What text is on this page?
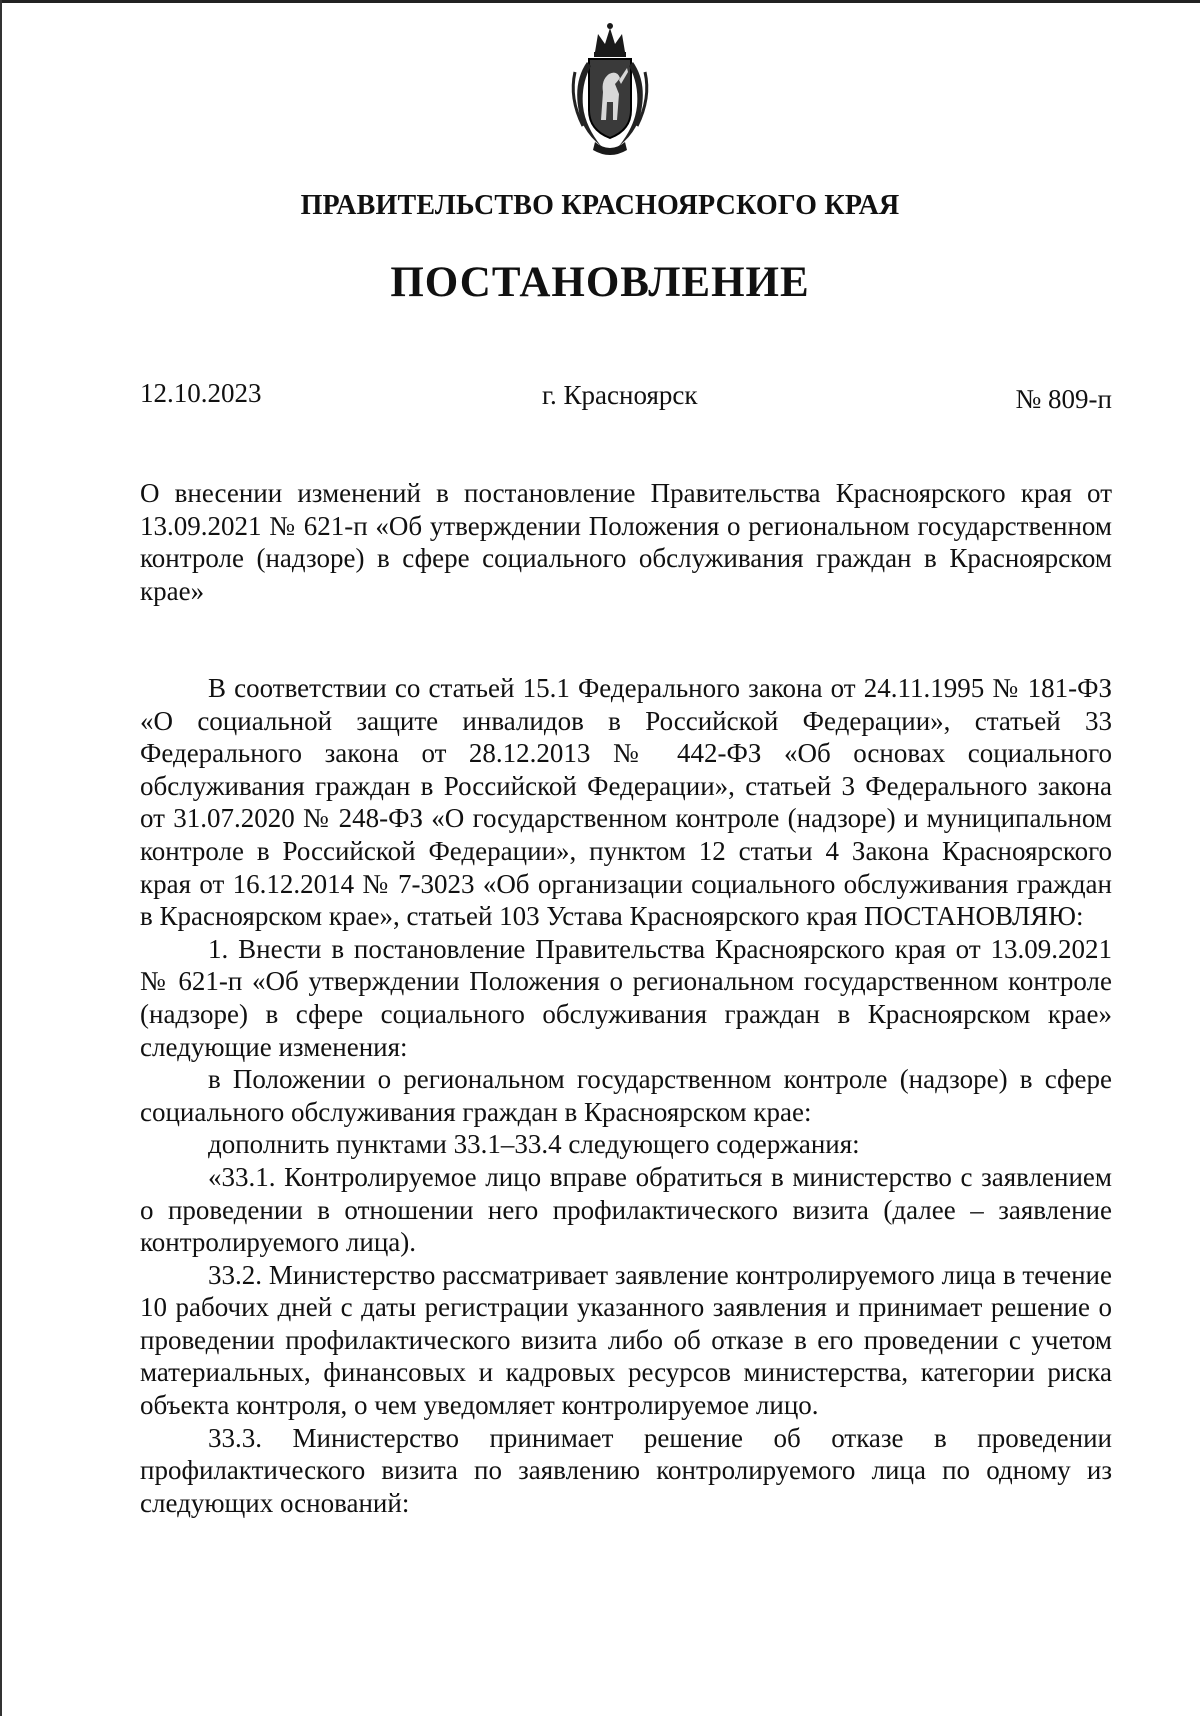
ПРАВИТЕЛЬСТВО КРАСНОЯРСКОГО КРАЯ
ПОСТАНОВЛЕНИЕ
12.10.2023	г. Красноярск	№ 809-п
О внесении изменений в постановление Правительства Красноярского края от 13.09.2021 № 621-п «Об утверждении Положения о региональном государственном контроле (надзоре) в сфере социального обслуживания граждан в Красноярском крае»

В соответствии со статьей 15.1 Федерального закона от 24.11.1995 № 181-ФЗ «О социальной защите инвалидов в Российской Федерации», статьей 33 Федерального закона от 28.12.2013 № 442-ФЗ «Об основах социального обслуживания граждан в Российской Федерации», статьей 3 Федерального закона от 31.07.2020 № 248-ФЗ «О государственном контроле (надзоре) и муниципальном контроле в Российской Федерации», пунктом 12 статьи 4 Закона Красноярского края от 16.12.2014 № 7-3023 «Об организации социального обслуживания граждан в Красноярском крае», статьей 103 Устава Красноярского края ПОСТАНОВЛЯЮ:

1. Внести в постановление Правительства Красноярского края от 13.09.2021 № 621-п «Об утверждении Положения о региональном государственном контроле (надзоре) в сфере социального обслуживания граждан в Красноярском крае» следующие изменения:

в Положении о региональном государственном контроле (надзоре) в сфере социального обслуживания граждан в Красноярском крае:

дополнить пунктами 33.1–33.4 следующего содержания:

«33.1. Контролируемое лицо вправе обратиться в министерство с заявлением о проведении в отношении него профилактического визита (далее – заявление контролируемого лица).

33.2. Министерство рассматривает заявление контролируемого лица в течение 10 рабочих дней с даты регистрации указанного заявления и принимает решение о проведении профилактического визита либо об отказе в его проведении с учетом материальных, финансовых и кадровых ресурсов министерства, категории риска объекта контроля, о чем уведомляет контролируемое лицо.

33.3. Министерство принимает решение об отказе в проведении профилактического визита по заявлению контролируемого лица по одному из следующих оснований:
